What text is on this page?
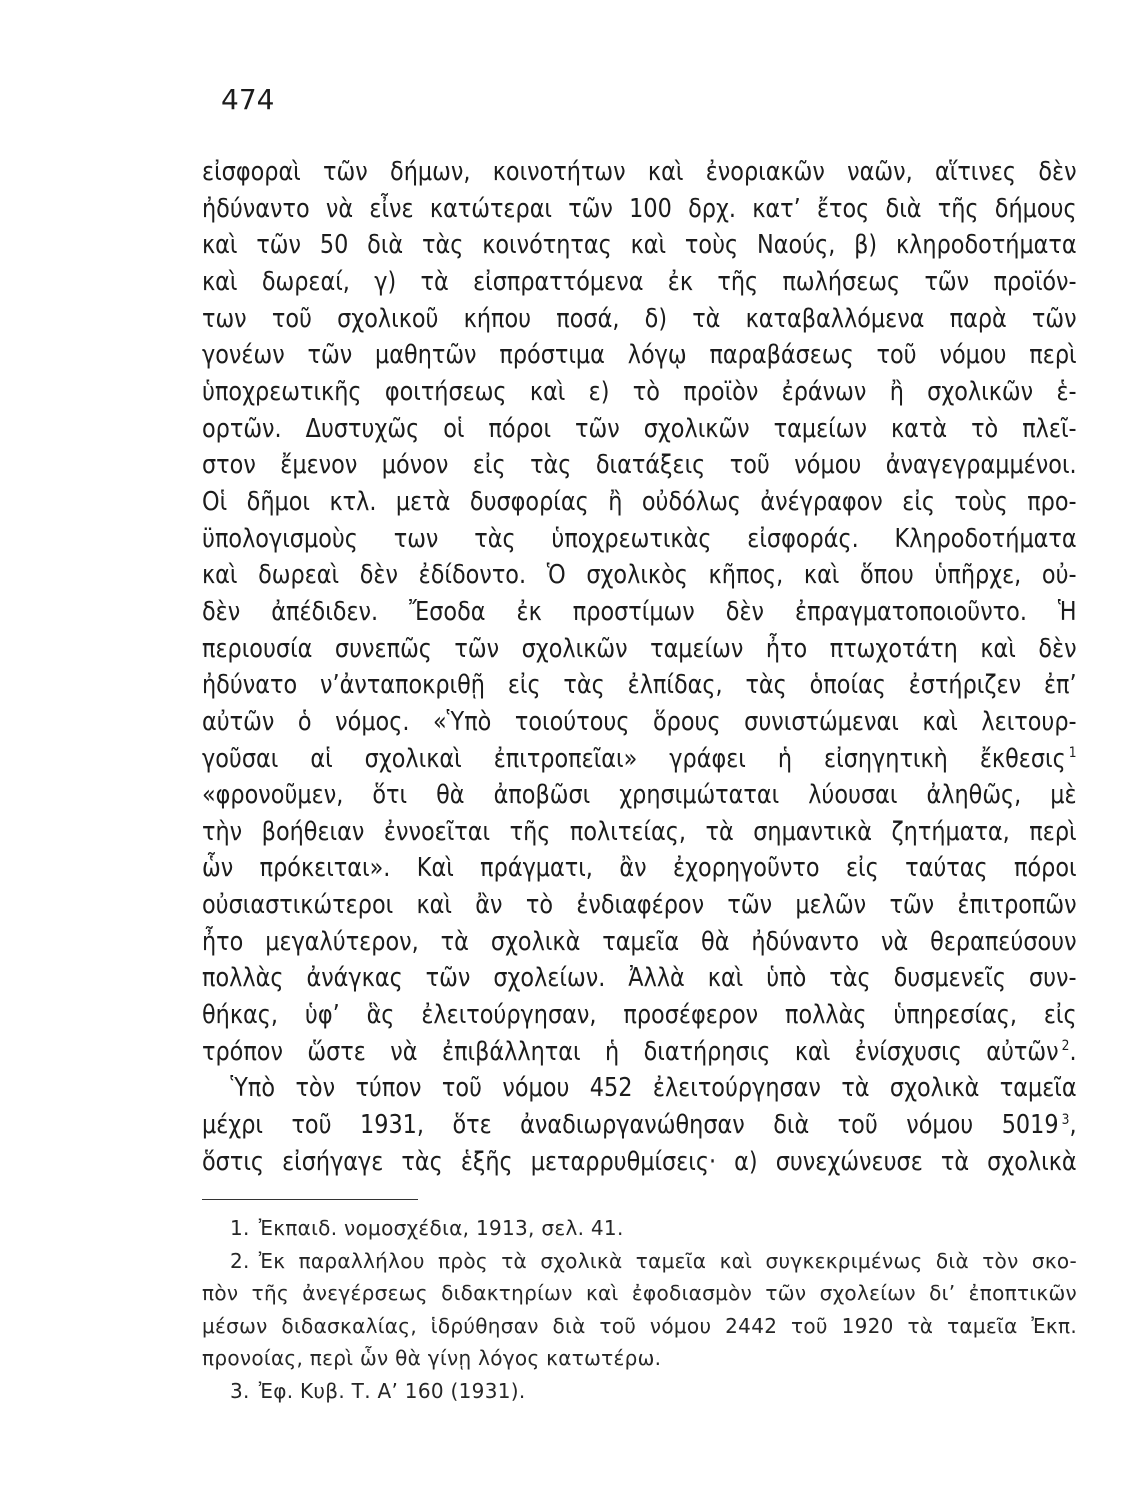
474
εἰσφοραὶ τῶν δήμων, κοινοτήτων καὶ ἐνοριακῶν ναῶν, αἵτινες δὲν
ἠδύναντο νὰ εἶνε κατώτεραι τῶν 100 δρχ. κατ’ ἔτος διὰ τῆς δήμους
καὶ τῶν 50 διὰ τὰς κοινότητας καὶ τοὺς Ναούς, β) κληροδοτήματα
καὶ δωρεαί, γ) τὰ εἰσπραττόμενα ἐκ τῆς πωλήσεως τῶν προϊόν-
των τοῦ σχολικοῦ κήπου ποσά, δ) τὰ καταβαλλόμενα παρὰ τῶν
γονέων τῶν μαθητῶν πρόστιμα λόγῳ παραβάσεως τοῦ νόμου περὶ
ὑποχρεωτικῆς φοιτήσεως καὶ ε) τὸ προϊὸν ἐράνων ἢ σχολικῶν ἑ-
ορτῶν. Δυστυχῶς οἱ πόροι τῶν σχολικῶν ταμείων κατὰ τὸ πλεῖ-
στον ἔμενον μόνον εἰς τὰς διατάξεις τοῦ νόμου ἀναγεγραμμένοι.
Οἱ δῆμοι κτλ. μετὰ δυσφορίας ἢ οὐδόλως ἀνέγραφον εἰς τοὺς προ-
ϋπολογισμοὺς των τὰς ὑποχρεωτικὰς εἰσφοράς. Κληροδοτήματα
καὶ δωρεαὶ δὲν ἐδίδοντο. Ὁ σχολικὸς κῆπος, καὶ ὅπου ὑπῆρχε, οὐ-
δὲν ἀπέδιδεν. Ἔσοδα ἐκ προστίμων δὲν ἐπραγματοποιοῦντο. Ἡ
περιουσία συνεπῶς τῶν σχολικῶν ταμείων ἦτο πτωχοτάτη καὶ δὲν
ἠδύνατο ν’ἀνταποκριθῇ εἰς τὰς ἐλπίδας, τὰς ὁποίας ἐστήριζεν ἐπ’
αὐτῶν ὁ νόμος. «Ὑπὸ τοιούτους ὅρους συνιστώμεναι καὶ λειτουρ-
γοῦσαι αἱ σχολικαὶ ἐπιτροπεῖαι» γράφει ἡ εἰσηγητικὴ ἔκθεσις $^1$
«φρονοῦμεν, ὅτι θὰ ἀποβῶσι χρησιμώταται λύουσαι ἀληθῶς, μὲ
τὴν βοήθειαν ἐννοεῖται τῆς πολιτείας, τὰ σημαντικὰ ζητήματα, περὶ
ὧν πρόκειται». Καὶ πράγματι, ἂν ἐχορηγοῦντο εἰς ταύτας πόροι
οὐσιαστικώτεροι καὶ ἂν τὸ ἐνδιαφέρον τῶν μελῶν τῶν ἐπιτροπῶν
ἦτο μεγαλύτερον, τὰ σχολικὰ ταμεῖα θὰ ἠδύναντο νὰ θεραπεύσουν
πολλὰς ἀνάγκας τῶν σχολείων. Ἀλλὰ καὶ ὑπὸ τὰς δυσμενεῖς συν-
θήκας, ὑφ’ ἃς ἐλειτούργησαν, προσέφερον πολλὰς ὑπηρεσίας, εἰς
τρόπον ὥστε νὰ ἐπιβάλληται ἡ διατήρησις καὶ ἐνίσχυσις αὐτῶν $^2$.
Ὑπὸ τὸν τύπον τοῦ νόμου 452 ἐλειτούργησαν τὰ σχολικὰ ταμεῖα
μέχρι τοῦ 1931, ὅτε ἀναδιωργανώθησαν διὰ τοῦ νόμου 5019 $^3$,
ὅστις εἰσήγαγε τὰς ἑξῆς μεταρρυθμίσεις· α) συνεχώνευσε τὰ σχολικὰ
1. Ἐκπαιδ. νομοσχέδια, 1913, σελ. 41.
2. Ἐκ παραλλήλου πρὸς τὰ σχολικὰ ταμεῖα καὶ συγκεκριμένως διὰ τὸν σκο-
πὸν τῆς ἀνεγέρσεως διδακτηρίων καὶ ἐφοδιασμὸν τῶν σχολείων δι’ ἐποπτικῶν
μέσων διδασκαλίας, ἱδρύθησαν διὰ τοῦ νόμου 2442 τοῦ 1920 τὰ ταμεῖα Ἐκπ.
προνοίας, περὶ ὧν θὰ γίνῃ λόγος κατωτέρω.
3. Ἐφ. Κυβ. Τ. Α’ 160 (1931).
